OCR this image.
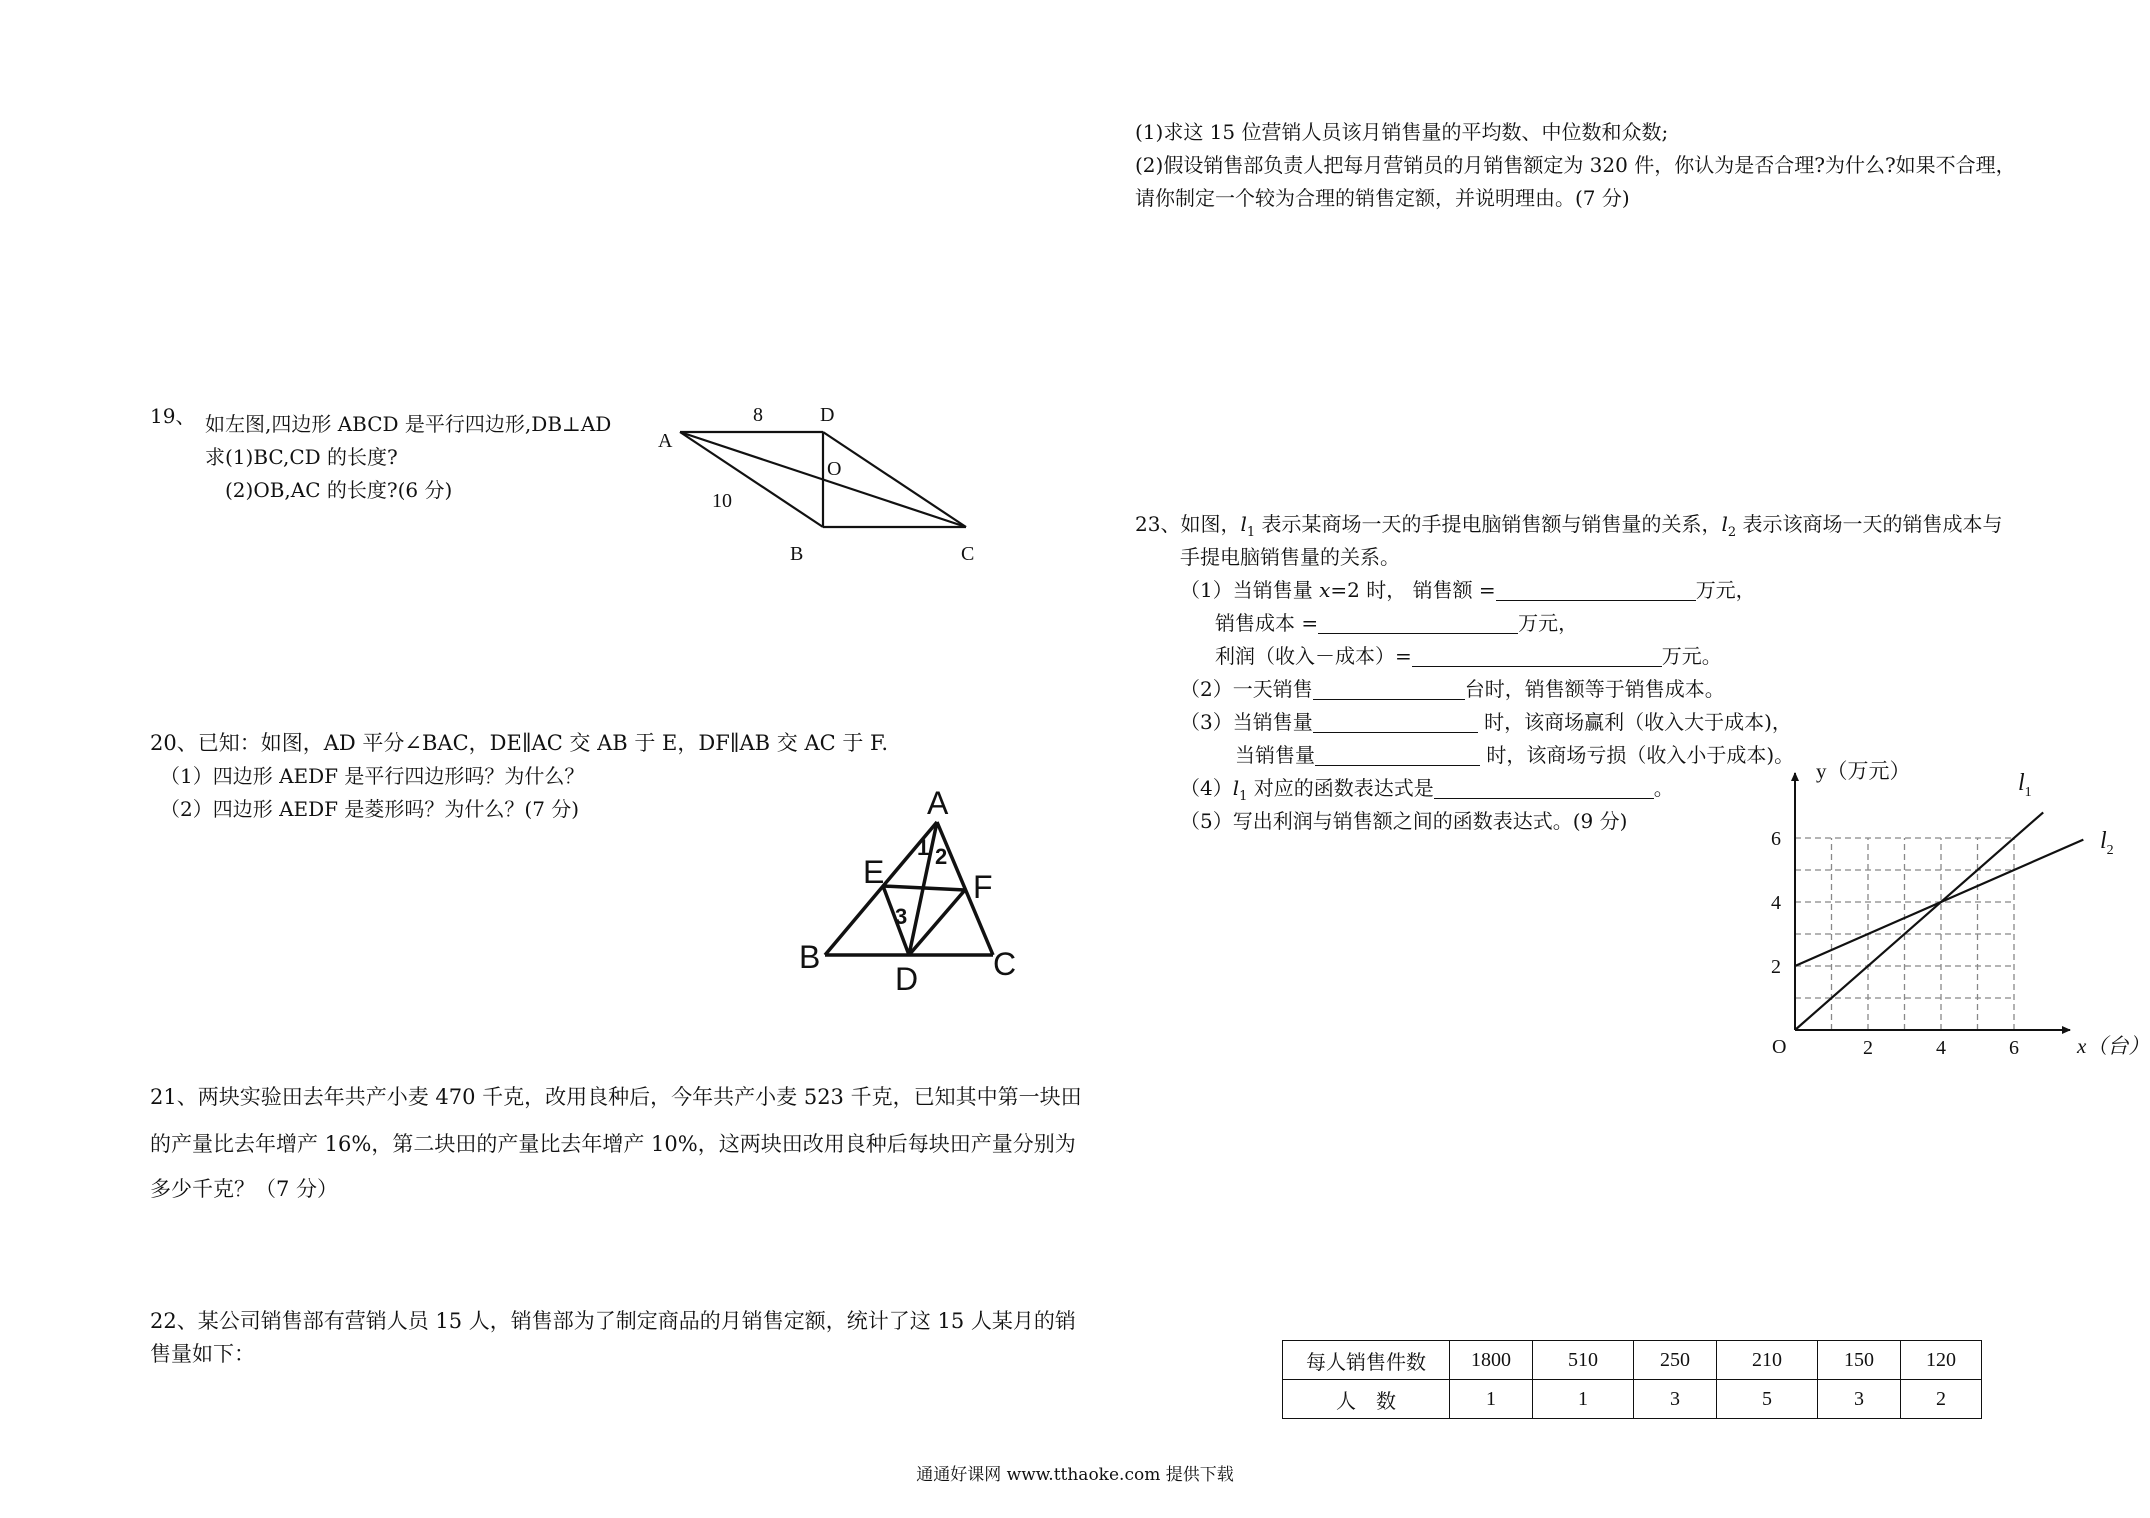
(1)求这 15 位营销人员该月销售量的平均数、中位数和众数;
(2)假设销售部负责人把每月营销员的月销售额定为 320 件，你认为是否合理?为什么?如果不合理，
请你制定一个较为合理的销售定额，并说明理由。(7 分)
19、 如左图,四边形 ABCD 是平行四边形,DB⊥AD
求(1)BC,CD 的长度?
(2)OB,AC 的长度?(6 分)
A
D
O
B	C
8
10
20、已知：如图，AD 平分∠BAC，DE∥AC 交 AB 于 E，DF∥AB 交 AC 于 F.
（1）四边形 AEDF 是平行四边形吗？为什么？
（2）四边形 AEDF 是菱形吗？为什么？(7 分)	A
E	F
B
D C
1 2
3
21、两块实验田去年共产小麦 470 千克，改用良种后，今年共产小麦 523 千克，已知其中第一块田
的产量比去年增产 16%，第二块田的产量比去年增产 10%，这两块田改用良种后每块田产量分别为
多少千克？（7 分）
22、某公司销售部有营销人员 15 人，销售部为了制定商品的月销售定额，统计了这 15 人某月的销
售量如下：	每人销售件数	1800	510	250	210	150	120
人　数	1	1	3	5	3	2
23、如图，$l_1$ 表示某商场一天的手提电脑销售额与销售量的关系，$l_2$ 表示该商场一天的销售成本与
手提电脑销售量的关系。
（1）当销售量 x=2 时， 销售额 =	万元，
销售成本 =	万元，
利润（收入－成本）=	万元。
（2）一天销售	台时，销售额等于销售成本。
（3）当销售量	时，该商场赢利（收入大于成本)，
当销售量	时，该商场亏损（收入小于成本)。
$(4)l_1$ 对应的函数表达式是	。
（5）写出利润与销售额之间的函数表达式。(9 分)
2	4	6
2
4
6
O
y（万元）
x（台）
$l_1$
$l_2$
通通好课网 www.tthaoke.com 提供下载
